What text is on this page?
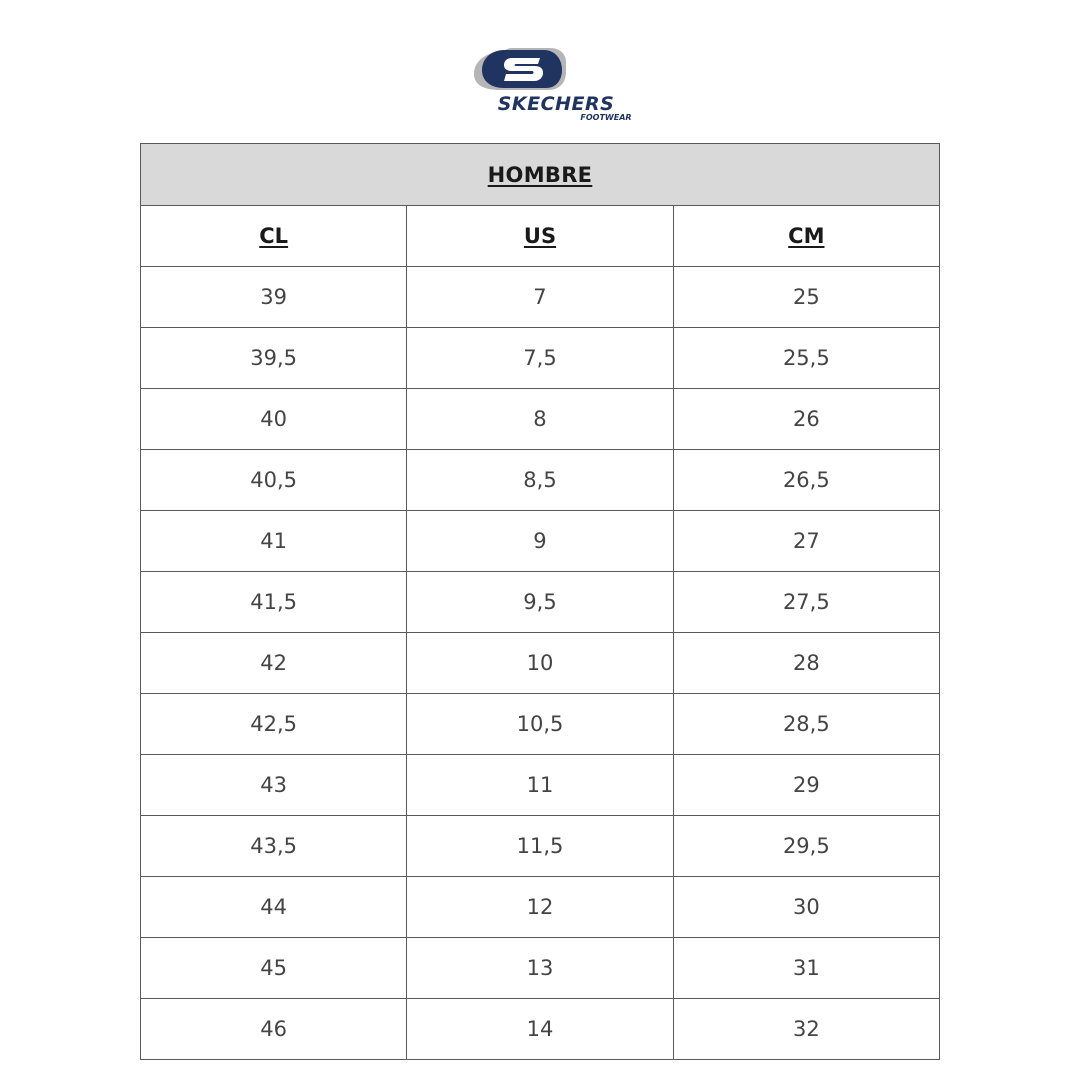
SKECHERS
FOOTWEAR
HOMBRE		
CL	US	CM
39	7	25
39,5	7,5	25,5
40	8	26
40,5	8,5	26,5
41	9	27
41,5	9,5	27,5
42	10	28
42,5	10,5	28,5
43	11	29
43,5	11,5	29,5
44	12	30
45	13	31
46	14	32
